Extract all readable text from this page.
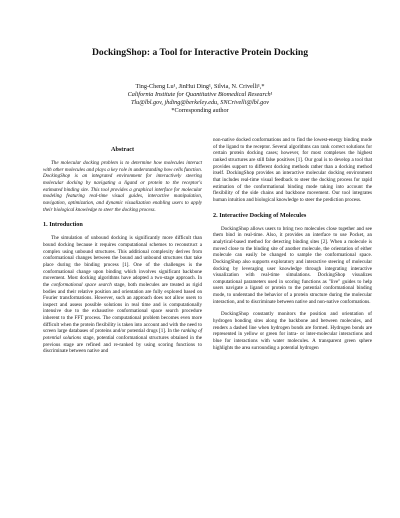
DockingShop: a Tool for Interactive Protein Docking
Ting-Cheng Lu¹, JinHui Ding¹, Silvia, N. Crivelli¹,*
California Institute for Quantitative Biomedical Research¹
Tlu@lbl.gov, jhding@berkeley.edu, SNCrivelli@lbl.gov
*Corresponding author
Abstract

The molecular docking problem is to determine how molecules interact with other molecules and plays a key role in understanding how cells function. DockingShop is an integrated environment for interactively steering molecular docking by navigating a ligand or protein to the receptor's estimated binding site. This tool provides a graphical interface for molecular modeling featuring real-time visual guides, interactive manipulation, navigation, optimization, and dynamic visualization enabling users to apply their biological knowledge to steer the docking process.

1. Introduction

The simulation of unbound docking is significantly more difficult than bound docking because it requires computational schemes to reconstruct a complex using unbound structures. This additional complexity derives from conformational changes between the bound and unbound structures that take place during the binding process [1]. One of the challenges is the conformational change upon binding which involves significant backbone movement. Most docking algorithms have adopted a two-stage approach. In the conformational space search stage, both molecules are treated as rigid bodies and their relative position and orientation are fully explored based on Fourier transformations. However, such an approach does not allow users to inspect and assess possible solutions in real time and is computationally intensive due to the exhaustive conformational space search procedure inherent to the FFT process. The computational problem becomes even more difficult when the protein flexibility is taken into account and with the need to screen large databases of proteins and/or potential drugs [1]. In the ranking of potential solutions stage, potential conformational structures obtained in the previous stage are refined and re-ranked by using scoring functions to discriminate between native and

non-native docked conformations and to find the lowest-energy binding mode of the ligand to the receptor. Several algorithms can rank correct solutions for certain protein docking cases; however, for most complexes the highest ranked structures are still false positives [1]. Our goal is to develop a tool that provides support to different docking methods rather than a docking method itself. DockingShop provides an interactive molecular docking environment that includes real-time visual feedback to steer the docking process for rapid estimation of the conformational binding mode taking into account the flexibility of the side chains and backbone movement. Our tool integrates human intuition and biological knowledge to steer the prediction process.

2. Interactive Docking of Molecules

DockingShop allows users to bring two molecules close together and see them bind in real-time. Also, it provides an interface to use Pocket, an analytical-based method for detecting binding sites [2]. When a molecule is moved close to the binding site of another molecule, the orientation of either molecule can easily be changed to sample the conformational space. DockingShop also supports exploratory and interactive steering of molecular docking by leveraging user knowledge through integrating interactive visualization with real-time simulations. DockingShop visualizes computational parameters used in scoring functions as "live" guides to help users navigate a ligand or protein to the potential conformational binding mode, to understand the behavior of a protein structure during the molecular interaction, and to discriminate between native and non-native conformations.

DockingShop constantly monitors the position and orientation of hydrogen bonding sites along the backbone and between molecules, and renders a dashed line when hydrogen bonds are formed. Hydrogen bonds are represented in yellow or green for intra- or inter-molecular interactions and blue for interactions with water molecules. A transparent green sphere highlights the area surrounding a potential hydrogen
